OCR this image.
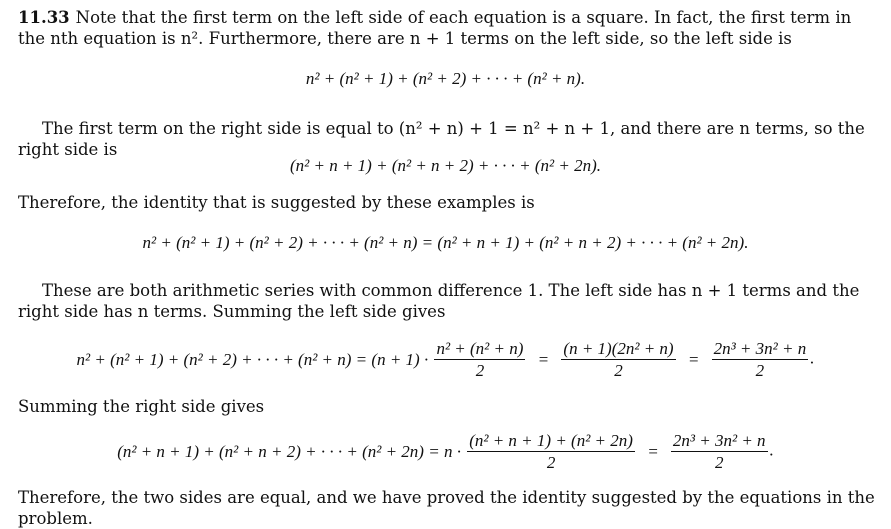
11.33 Note that the first term on the left side of each equation is a square. In fact, the first term in the nth equation is n². Furthermore, there are n + 1 terms on the left side, so the left side is

n² + (n² + 1) + (n² + 2) + · · · + (n² + n).

The first term on the right side is equal to (n² + n) + 1 = n² + n + 1, and there are n terms, so the right side is

(n² + n + 1) + (n² + n + 2) + · · · + (n² + 2n).

Therefore, the identity that is suggested by these examples is

n² + (n² + 1) + (n² + 2) + · · · + (n² + n) = (n² + n + 1) + (n² + n + 2) + · · · + (n² + 2n).

These are both arithmetic series with common difference 1. The left side has n + 1 terms and the right side has n terms. Summing the left side gives

n² + (n² + 1) + (n² + 2) + · · · + $(n^2 + n) = (n + 1) \cdot \frac{\text{n² + (n² + n)}}{2} = \frac{\text{(n + 1)(2n² + n)}}{2} = \frac{\text{2n³ + 3n² + n}}{2}$ .

Summing the right side gives

(n² + n + 1) + (n² + n + 2) + · · · + $(n^2 + 2n) = n \cdot \frac{\text{(n² + n + 1) + (n² + 2n)}}{2} = \frac{\text{2n³ + 3n² + n}}{2}$ .

Therefore, the two sides are equal, and we have proved the identity suggested by the equations in the problem.
